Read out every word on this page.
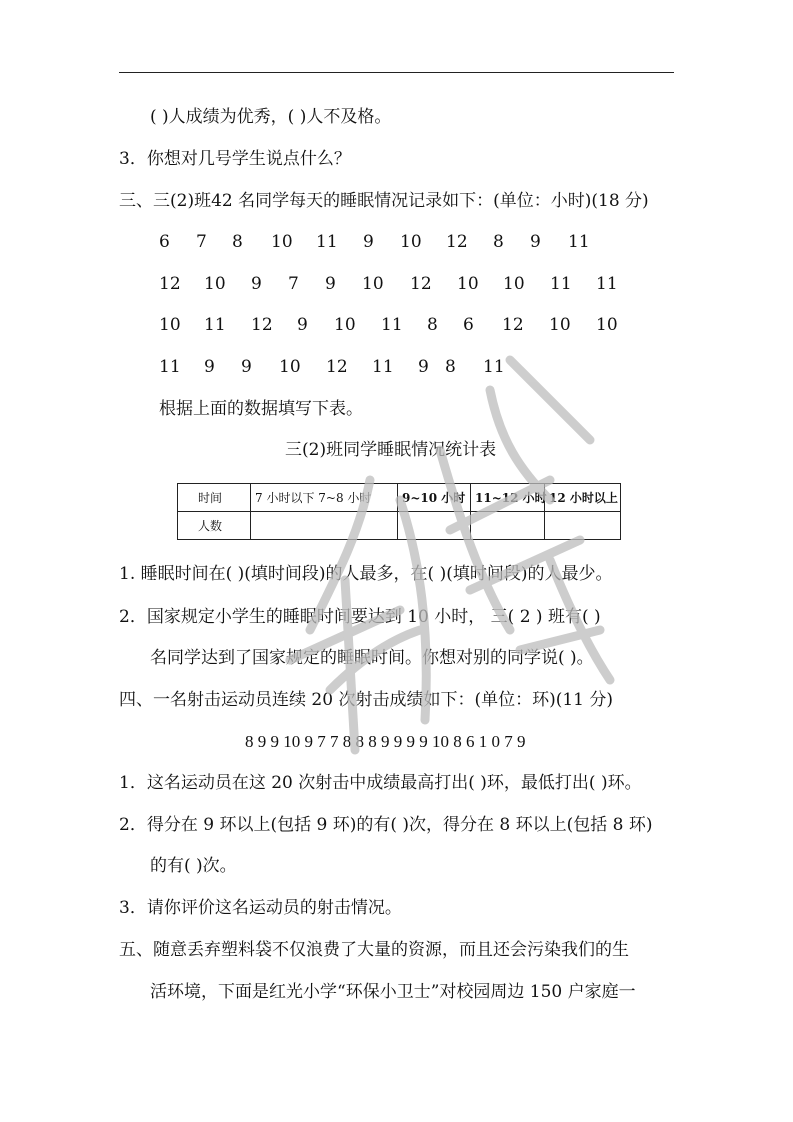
( )人成绩为优秀，( )人不及格。
3．你想对几号学生说点什么？
三、三(2)班42 名同学每天的睡眠情况记录如下：(单位：小时)(18 分)
6 7 8 10 11 9 10 12 8 9 11
12 10 9 7 9 10 12 10 10 11 11
10 11 12 9 10 11 8 6 12 10 10
11 9 9 10 12 11 9 8 11
根据上面的数据填写下表。
三(2)班同学睡眠情况统计表
时间	7 小时以下 7~8 小时	9~10 小时	11~12 小时	12 小时以上
人数				
1. 睡眠时间在( )(填时间段)的人最多，在( )(填时间段)的人最少。
2．国家规定小学生的睡眠时间要达到 10 小时， 三( 2 ) 班有( )
名同学达到了国家规定的睡眠时间。你想对别的同学说( )。
四、一名射击运动员连续 20 次射击成绩如下：(单位：环)(11 分)
8 9 9 10 9 7 7 8 8 8 9 9 9 9 10 8 6 1 0 7 9
1．这名运动员在这 20 次射击中成绩最高打出( )环，最低打出( )环。
2．得分在 9 环以上(包括 9 环)的有( )次，得分在 8 环以上(包括 8 环)
的有( )次。
3．请你评价这名运动员的射击情况。
五、随意丢弃塑料袋不仅浪费了大量的资源，而且还会污染我们的生
活环境，下面是红光小学“环保小卫士”对校园周边 150 户家庭一
